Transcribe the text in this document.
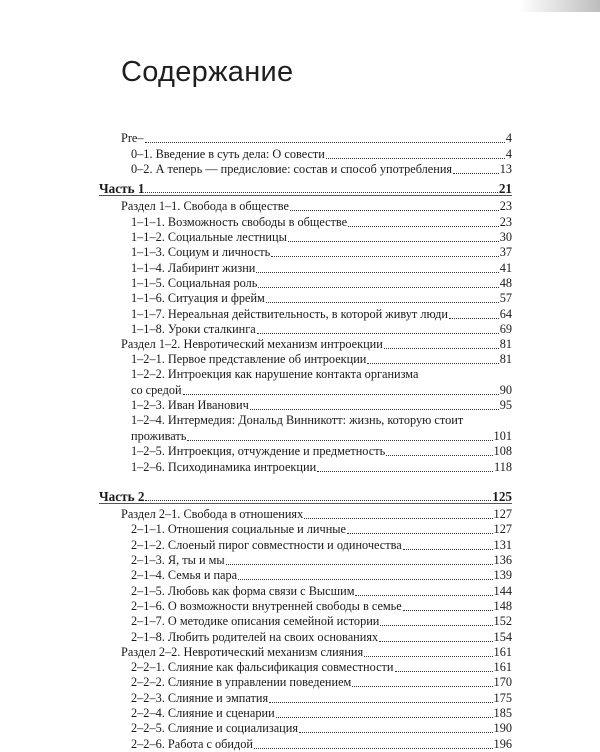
Содержание
Pre–	4
0–1. Введение в суть дела: О совести	4
0–2. А теперь — предисловие: состав и способ употребления	13
Часть 1	21
Раздел 1–1. Свобода в обществе	23
1–1–1. Возможность свободы в обществе	23
1–1–2. Социальные лестницы	30
1–1–3. Социум и личность	37
1–1–4. Лабиринт жизни	41
1–1–5. Социальная роль	48
1–1–6. Ситуация и фрейм	57
1–1–7. Нереальная действительность, в которой живут люди	64
1–1–8. Уроки сталкинга	69
Раздел 1–2. Невротический механизм интроекции	81
1–2–1. Первое представление об интроекции	81
1–2–2. Интроекция как нарушение контакта организма
со средой	90
1–2–3. Иван Иванович	95
1–2–4. Интермедия: Дональд Винникотт: жизнь, которую стоит
проживать	101
1–2–5. Интроекция, отчуждение и предметность	108
1–2–6. Психодинамика интроекции	118
Часть 2	125
Раздел 2–1. Свобода в отношениях	127
2–1–1. Отношения социальные и личные	127
2–1–2. Слоеный пирог совместности и одиночества	131
2–1–3. Я, ты и мы	136
2–1–4. Семья и пара	139
2–1–5. Любовь как форма связи с Высшим	144
2–1–6. О возможности внутренней свободы в семье	148
2–1–7. О методике описания семейной истории	152
2–1–8. Любить родителей на своих основаниях	154
Раздел 2–2. Невротический механизм слияния	161
2–2–1. Слияние как фальсификация совместности	161
2–2–2. Слияние в управлении поведением	170
2–2–3. Слияние и эмпатия	175
2–2–4. Слияние и сценарии	185
2–2–5. Слияние и социализация	190
2–2–6. Работа с обидой	196
